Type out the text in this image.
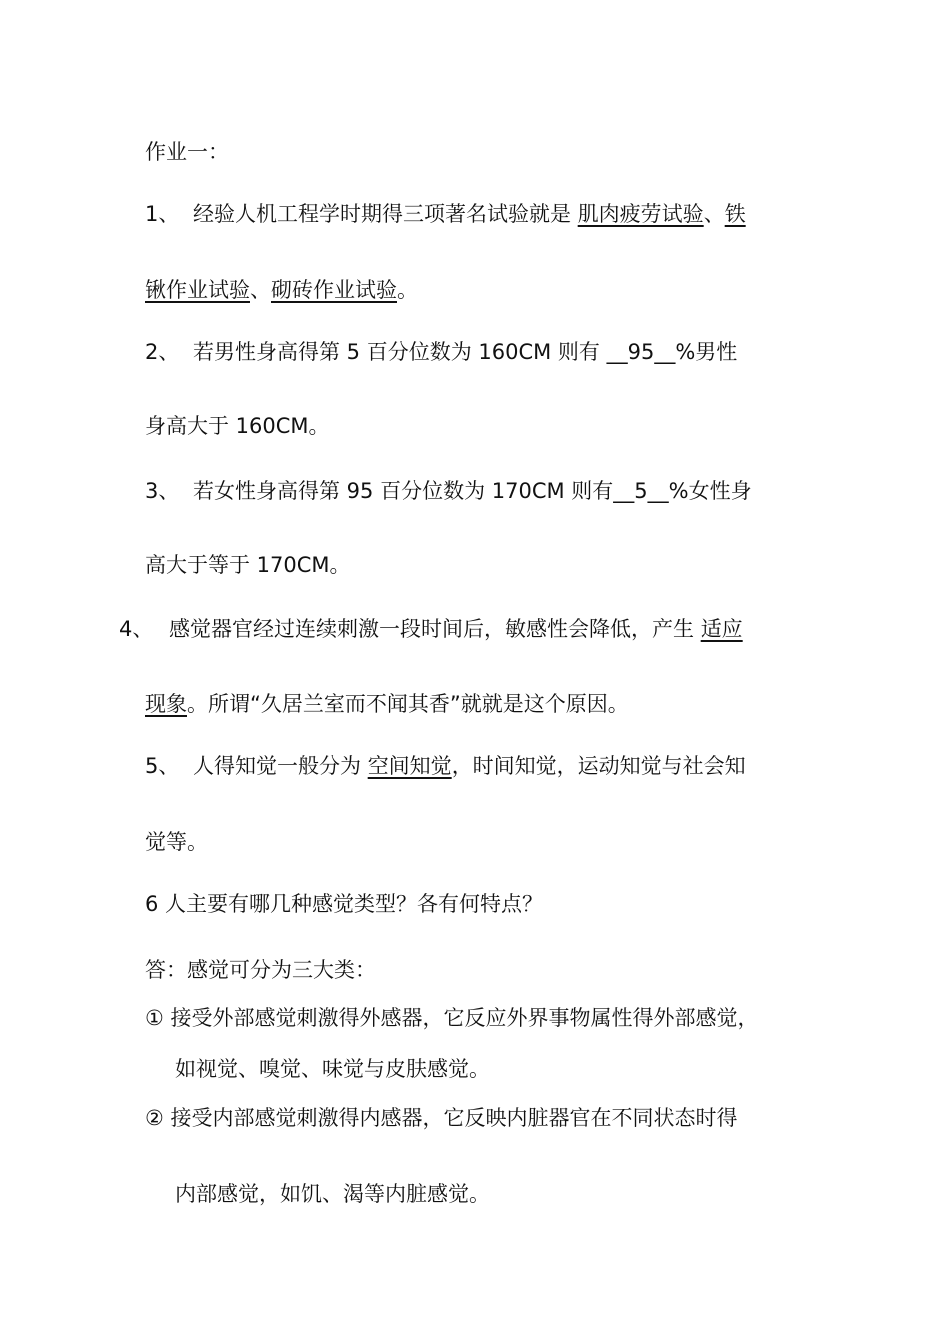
作业一：
1、 经验人机工程学时期得三项著名试验就是 肌肉疲劳试验、铁
锹作业试验、砌砖作业试验。
2、 若男性身高得第 5 百分位数为 160CM 则有 __95__%男性
身高大于 160CM。
3、 若女性身高得第 95 百分位数为 170CM 则有__5__%女性身
高大于等于 170CM。
4、 感觉器官经过连续刺激一段时间后，敏感性会降低，产生 适应
现象。所谓“久居兰室而不闻其香”就就是这个原因。
5、 人得知觉一般分为 空间知觉，时间知觉，运动知觉与社会知
觉等。
6 人主要有哪几种感觉类型？各有何特点？
答：感觉可分为三大类：
① 接受外部感觉刺激得外感器，它反应外界事物属性得外部感觉，
如视觉、嗅觉、味觉与皮肤感觉。
② 接受内部感觉刺激得内感器，它反映内脏器官在不同状态时得
内部感觉，如饥、渴等内脏感觉。
